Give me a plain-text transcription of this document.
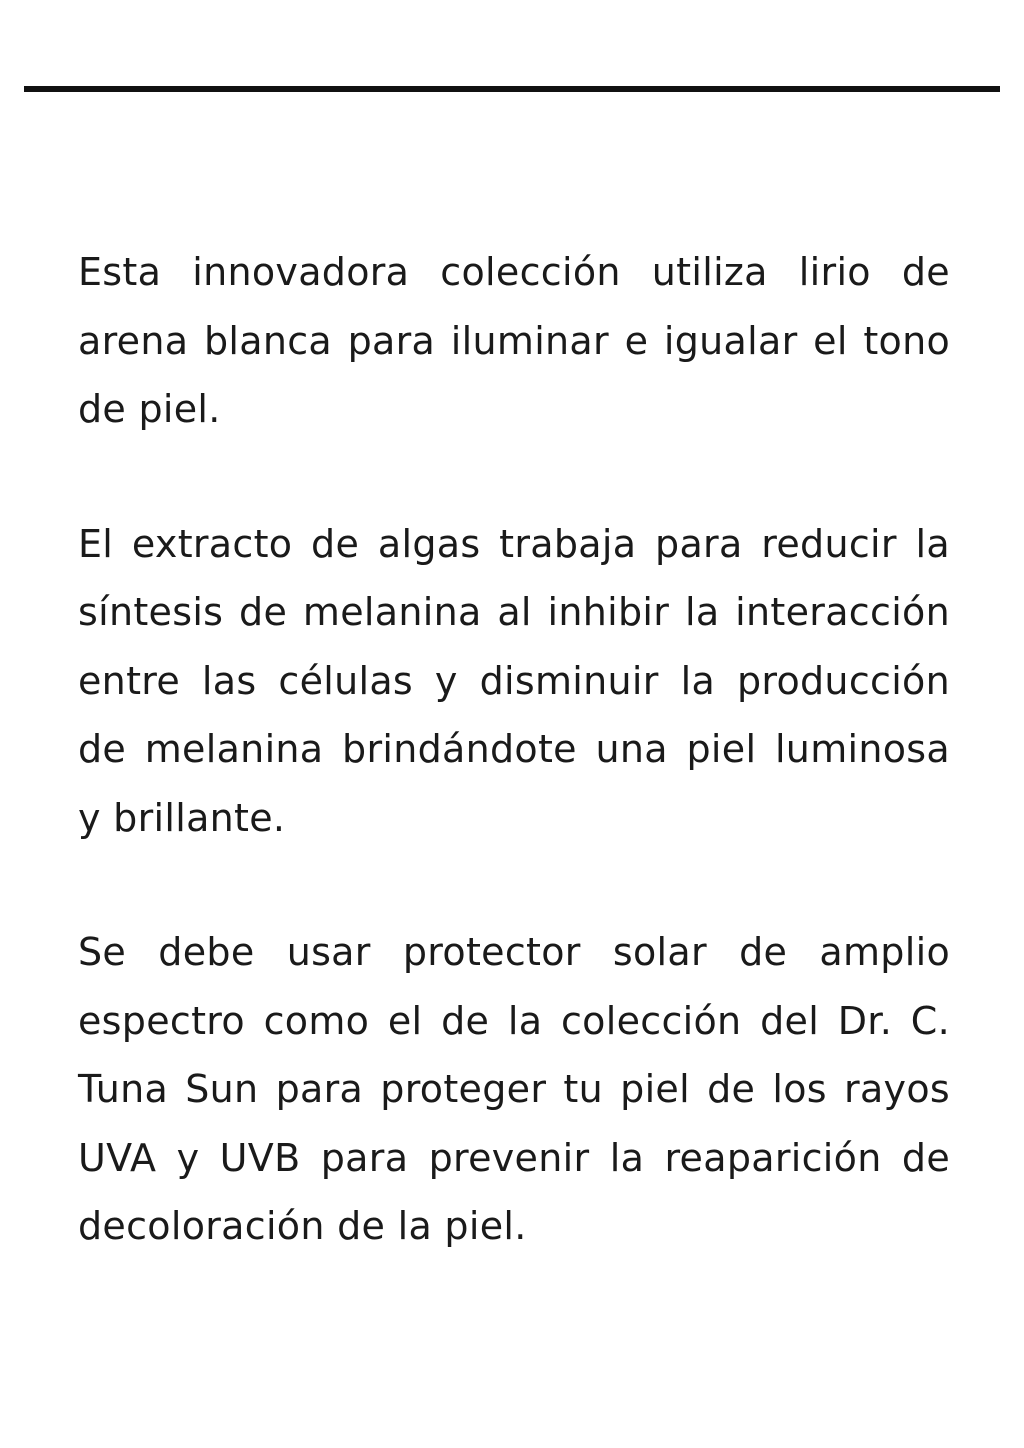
Esta innovadora colección utiliza lirio de arena blanca para iluminar e igualar el tono de piel.

El extracto de algas trabaja para reducir la síntesis de melanina al inhibir la interacción entre las células y disminuir la producción de melanina brindándote una piel luminosa y brillante.

Se debe usar protector solar de amplio espectro como el de la colección del Dr. C. Tuna Sun para proteger tu piel de los rayos UVA y UVB para prevenir la reaparición de decoloración de la piel.
